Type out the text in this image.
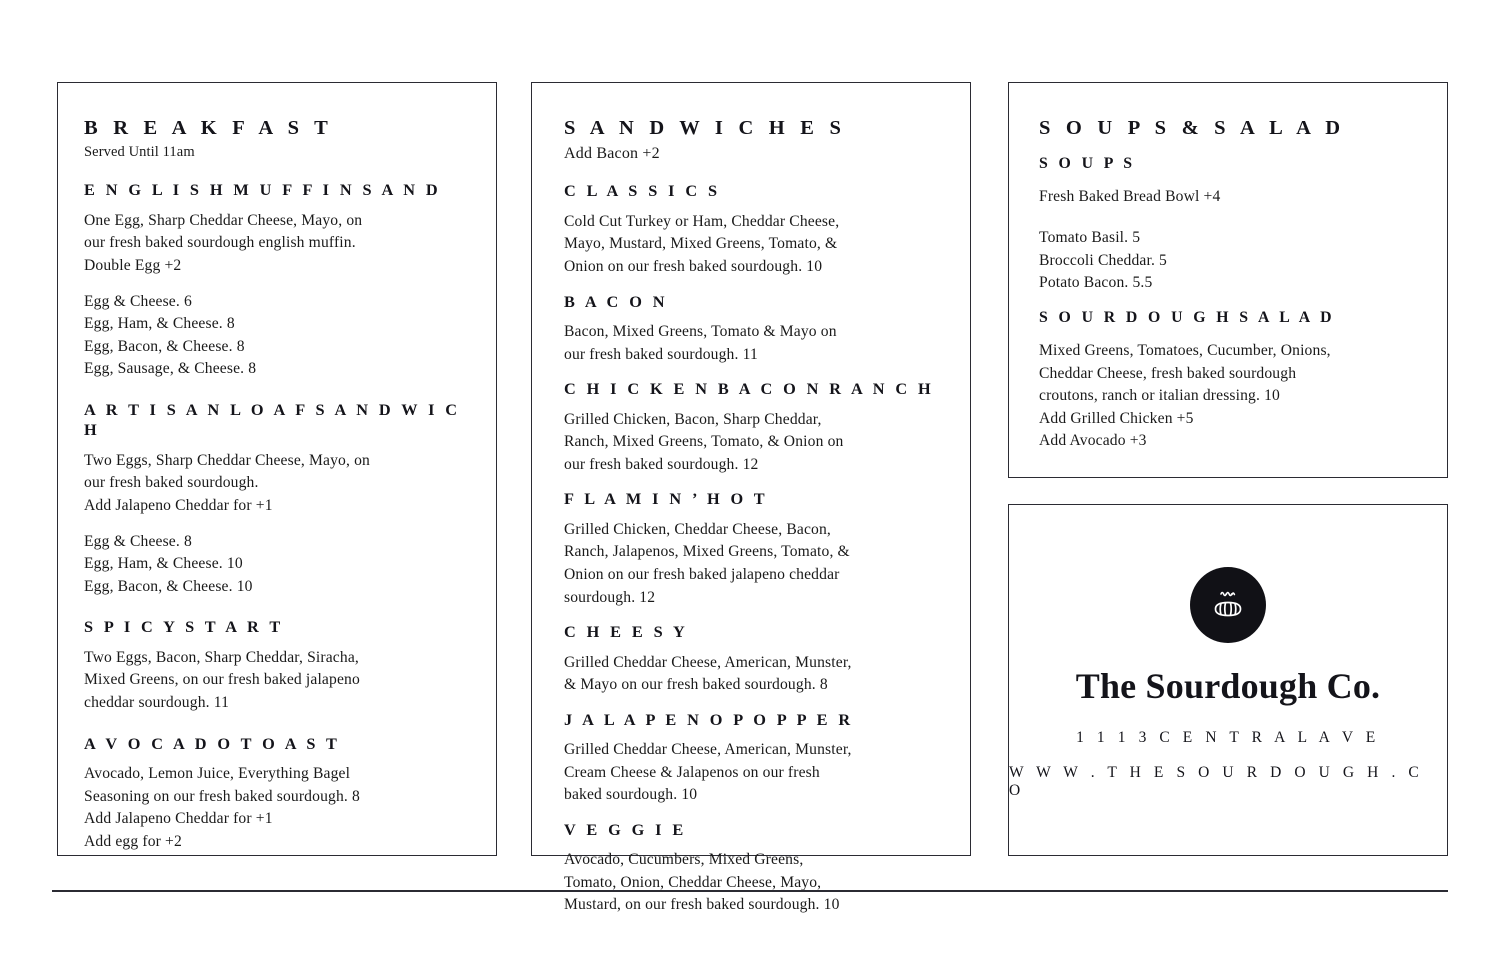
B R E A K F A S T

Served Until 11am

E N G L I S H M U F F I N S A N D
One Egg, Sharp Cheddar Cheese, Mayo, on
our fresh baked sourdough english muffin.
Double Egg +2
Egg & Cheese. 6
Egg, Ham, & Cheese. 8
Egg, Bacon, & Cheese. 8
Egg, Sausage, & Cheese. 8
A R T I S A N L O A F S A N D W I C H
Two Eggs, Sharp Cheddar Cheese, Mayo, on
our fresh baked sourdough.
Add Jalapeno Cheddar for +1
Egg & Cheese. 8
Egg, Ham, & Cheese. 10
Egg, Bacon, & Cheese. 10
S P I C Y S T A R T
Two Eggs, Bacon, Sharp Cheddar, Siracha,
Mixed Greens, on our fresh baked jalapeno
cheddar sourdough. 11
A V O C A D O T O A S T
Avocado, Lemon Juice, Everything Bagel
Seasoning on our fresh baked sourdough. 8
Add Jalapeno Cheddar for +1
Add egg for +2
S A N D W I C H E S

Add Bacon +2

C L A S S I C S
Cold Cut Turkey or Ham, Cheddar Cheese,
Mayo, Mustard, Mixed Greens, Tomato, &
Onion on our fresh baked sourdough. 10
B A C O N
Bacon, Mixed Greens, Tomato & Mayo on
our fresh baked sourdough. 11
C H I C K E N B A C O N R A N C H
Grilled Chicken, Bacon, Sharp Cheddar,
Ranch, Mixed Greens, Tomato, & Onion on
our fresh baked sourdough. 12
F L A M I N ’ H O T
Grilled Chicken, Cheddar Cheese, Bacon,
Ranch, Jalapenos, Mixed Greens, Tomato, &
Onion on our fresh baked jalapeno cheddar
sourdough. 12
C H E E S Y
Grilled Cheddar Cheese, American, Munster,
& Mayo on our fresh baked sourdough. 8
J A L A P E N O P O P P E R
Grilled Cheddar Cheese, American, Munster,
Cream Cheese & Jalapenos on our fresh
baked sourdough. 10
V E G G I E
Avocado, Cucumbers, Mixed Greens,
Tomato, Onion, Cheddar Cheese, Mayo,
Mustard, on our fresh baked sourdough. 10
S O U P S & S A L A D
S O U P S
Fresh Baked Bread Bowl +4
Tomato Basil. 5
Broccoli Cheddar. 5
Potato Bacon. 5.5
S O U R D O U G H S A L A D
Mixed Greens, Tomatoes, Cucumber, Onions,
Cheddar Cheese, fresh baked sourdough
croutons, ranch or italian dressing. 10
Add Grilled Chicken +5
Add Avocado +3
The Sourdough Co.
1 1 1 3 C E N T R A L A V E
W W W . T H E S O U R D O U G H . C O
